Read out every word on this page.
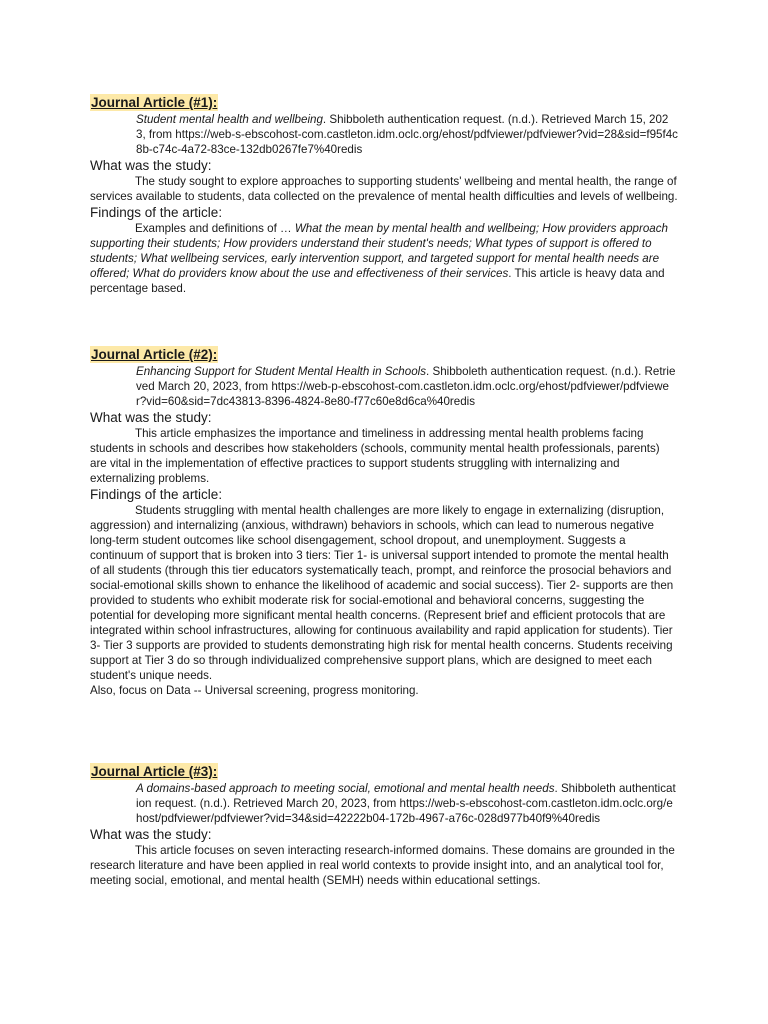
Journal Article (#1):
Student mental health and wellbeing. Shibboleth authentication request. (n.d.). Retrieved March 15, 2023, from https://web-s-ebscohost-com.castleton.idm.oclc.org/ehost/pdfviewer/pdfviewer?vid=28&sid=f95f4c8b-c74c-4a72-83ce-132db0267fe7%40redis
What was the study:

The study sought to explore approaches to supporting students' wellbeing and mental health, the range of services available to students, data collected on the prevalence of mental health difficulties and levels of wellbeing.

Findings of the article:

Examples and definitions of … What the mean by mental health and wellbeing; How providers approach supporting their students; How providers understand their student's needs; What types of support is offered to students; What wellbeing services, early intervention support, and targeted support for mental health needs are offered; What do providers know about the use and effectiveness of their services. This article is heavy data and percentage based.

Journal Article (#2):
Enhancing Support for Student Mental Health in Schools. Shibboleth authentication request. (n.d.). Retrieved March 20, 2023, from https://web-p-ebscohost-com.castleton.idm.oclc.org/ehost/pdfviewer/pdfviewer?vid=60&sid=7dc43813-8396-4824-8e80-f77c60e8d6ca%40redis
What was the study:

This article emphasizes the importance and timeliness in addressing mental health problems facing students in schools and describes how stakeholders (schools, community mental health professionals, parents) are vital in the implementation of effective practices to support students struggling with internalizing and externalizing problems.

Findings of the article:

Students struggling with mental health challenges are more likely to engage in externalizing (disruption, aggression) and internalizing (anxious, withdrawn) behaviors in schools, which can lead to numerous negative long-term student outcomes like school disengagement, school dropout, and unemployment. Suggests a continuum of support that is broken into 3 tiers: Tier 1- is universal support intended to promote the mental health of all students (through this tier educators systematically teach, prompt, and reinforce the prosocial behaviors and social-emotional skills shown to enhance the likelihood of academic and social success). Tier 2- supports are then provided to students who exhibit moderate risk for social-emotional and behavioral concerns, suggesting the potential for developing more significant mental health concerns. (Represent brief and efficient protocols that are integrated within school infrastructures, allowing for continuous availability and rapid application for students). Tier 3- Tier 3 supports are provided to students demonstrating high risk for mental health concerns. Students receiving support at Tier 3 do so through individualized comprehensive support plans, which are designed to meet each student's unique needs.

Also, focus on Data -- Universal screening, progress monitoring.

Journal Article (#3):
A domains-based approach to meeting social, emotional and mental health needs. Shibboleth authentication request. (n.d.). Retrieved March 20, 2023, from https://web-s-ebscohost-com.castleton.idm.oclc.org/ehost/pdfviewer/pdfviewer?vid=34&sid=42222b04-172b-4967-a76c-028d977b40f9%40redis
What was the study:

This article focuses on seven interacting research-informed domains. These domains are grounded in the research literature and have been applied in real world contexts to provide insight into, and an analytical tool for, meeting social, emotional, and mental health (SEMH) needs within educational settings.
